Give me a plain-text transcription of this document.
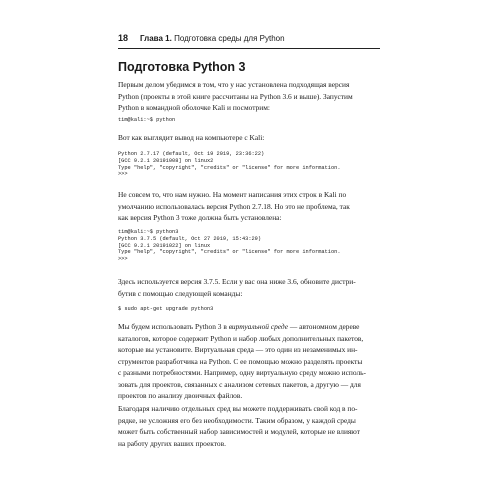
18	Глава 1. Подготовка среды для Python
Подготовка Python 3

Первым делом убедимся в том, что у нас установлена подходящая версия
Python (проекты в этой книге рассчитаны на Python 3.6 и выше). Запустим
Python в командной оболочке Kali и посмотрим:

tim@kali:~$ python

Вот как выглядит вывод на компьютере с Kali:

Python 2.7.17 (default, Oct 19 2019, 23:36:22)
[GCC 9.2.1 20191008] on linux2
Type "help", "copyright", "credits" or "license" for more information.
>>>

Не совсем то, что нам нужно. На момент написания этих строк в Kali по
умолчанию использовалась версия Python 2.7.18. Но это не проблема, так
как версия Python 3 тоже должна быть установлена:

tim@kali:~$ python3
Python 3.7.5 (default, Oct 27 2019, 15:43:29)
[GCC 9.2.1 20191022] on linux
Type "help", "copyright", "credits" or "license" for more information.
>>>

Здесь используется версия 3.7.5. Если у вас она ниже 3.6, обновите дистри-
бутив с помощью следующей команды:

$ sudo apt-get upgrade python3

Мы будем использовать Python 3 в виртуальной среде — автономном дереве
каталогов, которое содержит Python и набор любых дополнительных пакетов,
которые вы установите. Виртуальная среда — это один из незаменимых ин-
струментов разработчика на Python. С ее помощью можно разделять проекты
с разными потребностями. Например, одну виртуальную среду можно исполь-
зовать для проектов, связанных с анализом сетевых пакетов, а другую — для
проектов по анализу двоичных файлов.

Благодаря наличию отдельных сред вы можете поддерживать свой код в по-
рядке, не усложняя его без необходимости. Таким образом, у каждой среды
может быть собственный набор зависимостей и модулей, которые не влияют
на работу других ваших проектов.
